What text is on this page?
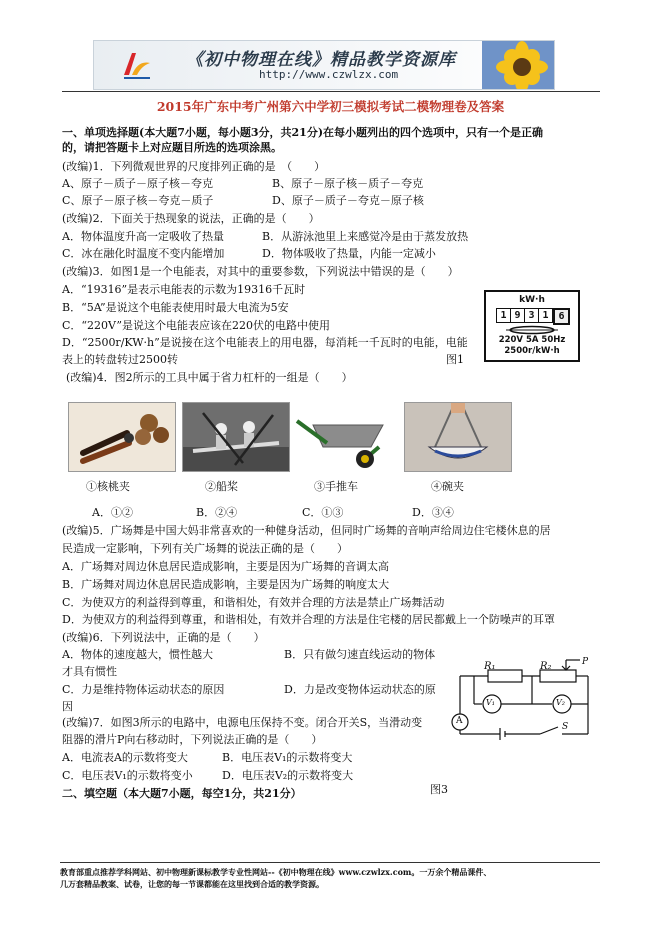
《初中物理在线》精品教学资源库
http://www.czwlzx.com
2015年广东中考广州第六中学初三模拟考试二模物理卷及答案
一、单项选择题(本大题7小题，每小题3分，共21分)在每小题列出的四个选项中，只有一个是正确
的，请把答题卡上对应题目所选的选项涂黑。
(改编)1．下列微观世界的尺度排列正确的是　（　　）
A、原子－质子－原子核－夸克	B、原子－原子核－质子－夸克
C、原子－原子核－夸克－质子	D、原子－质子－夸克－原子核
(改编)2．下面关于热现象的说法，正确的是（　　）
A．物体温度升高一定吸收了热量	B．从游泳池里上来感觉冷是由于蒸发放热
C．冰在融化时温度不变内能增加	D．物体吸收了热量，内能一定减小
(改编)3．如图1是一个电能表，对其中的重要参数，下列说法中错误的是（　　）
A．“19316”是表示电能表的示数为19316千瓦时
B．“5A”是说这个电能表使用时最大电流为5安
C．“220V”是说这个电能表应该在220伏的电路中使用
D．“2500r/KW·h”是说接在这个电能表上的用电器，每消耗一千瓦时的电能，电能
表上的转盘转过2500转	图1
kW·h
1 9 3 1 6
220V 5A 50Hz
2500r/kW·h
(改编)4．图2所示的工具中属于省力杠杆的一组是（　　）
①核桃夹	②船桨	③手推车	④碗夹
A．①②	B．②④	C．①③	D．③④
(改编)5．广场舞是中国大妈非常喜欢的一种健身活动，但同时广场舞的音响声给周边住宅楼休息的居
民造成一定影响，下列有关广场舞的说法正确的是（　　）
A．广场舞对周边休息居民造成影响，主要是因为广场舞的音调太高
B．广场舞对周边休息居民造成影响，主要是因为广场舞的响度太大
C．为使双方的利益得到尊重，和谐相处，有效并合理的方法是禁止广场舞活动
D．为使双方的利益得到尊重，和谐相处，有效并合理的方法是住宅楼的居民都戴上一个防噪声的耳罩
(改编)6．下列说法中，正确的是（　　）
A．物体的速度越大，惯性越大	B．只有做匀速直线运动的物体
才具有惯性
C．力是维持物体运动状态的原因	D．力是改变物体运动状态的原
因
R₁	R₂	P
V₁	V₂
A
S
(改编)7．如图3所示的电路中，电源电压保持不变。闭合开关S，当滑动变
阻器的滑片P向右移动时，下列说法正确的是（　　）
A．电流表A的示数将变大	B．电压表V₁的示数将变大
C．电压表V₁的示数将变小	D．电压表V₂的示数将变大
图3
二、填空题（本大题7小题，每空1分，共21分）
教育部重点推荐学科网站、初中物理新课标教学专业性网站--《初中物理在线》www.czwlzx.com。一万余个精品课件、
几万套精品教案、试卷，让您的每一节课都能在这里找到合适的教学资源。
